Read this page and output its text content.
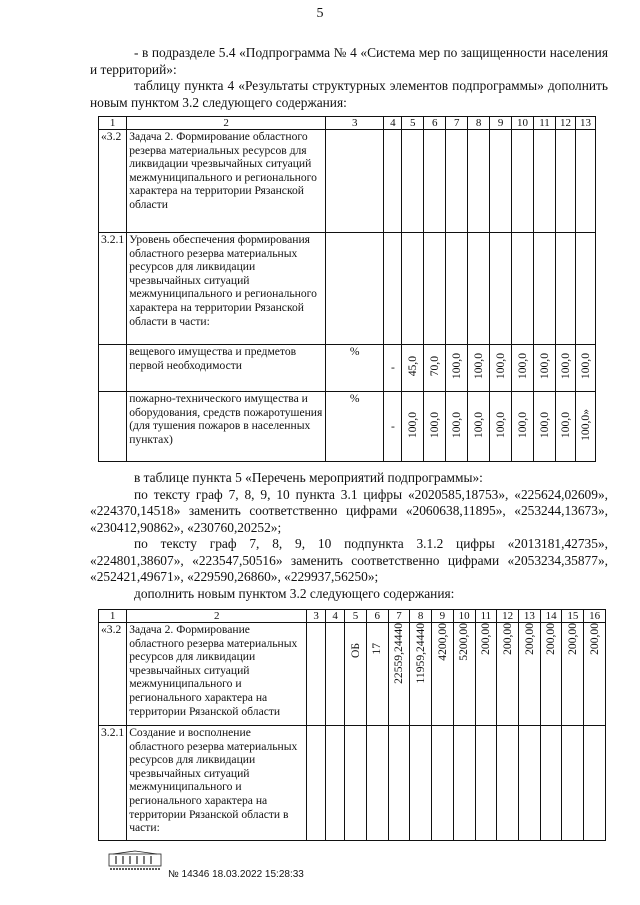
5
- в подразделе 5.4 «Подпрограмма № 4 «Система мер по защищенности населения и территорий»:
таблицу пункта 4 «Результаты структурных элементов подпрограммы» дополнить новым пунктом 3.2 следующего содержания:
1	2	3	4	5	6	7	8	9	10	11	12	13
«3.2	Задача 2. Формирование областного резерва материальных ресурсов для ликвидации чрезвычайных ситуаций межмуниципального и регионального характера на территории Рязанской области											
3.2.1	Уровень обеспечения формирования областного резерва материальных ресурсов для ликвидации чрезвычайных ситуаций межмуниципального и регионального характера на территории Рязанской области в части:											
	вещевого имущества и предметов первой необходимости	%	-	45,0	70,0	100,0	100,0	100,0	100,0	100,0	100,0	100,0
	пожарно-технического имущества и оборудования, средств пожаротушения (для тушения пожаров в населенных пунктах)	%	-	100,0	100,0	100,0	100,0	100,0	100,0	100,0	100,0	100,0»
в таблице пункта 5 «Перечень мероприятий подпрограммы»:
по тексту граф 7, 8, 9, 10 пункта 3.1 цифры «2020585,18753», «225624,02609», «224370,14518» заменить соответственно цифрами «2060638,11895», «253244,13673», «230412,90862», «230760,20252»;
по тексту граф 7, 8, 9, 10 подпункта 3.1.2 цифры «2013181,42735», «224801,38607», «223547,50516» заменить соответственно цифрами «2053234,35877», «252421,49671», «229590,26860», «229937,56250»;
дополнить новым пунктом 3.2 следующего содержания:
1	2	3	4	5	6	7	8	9	10	11	12	13	14	15	16
«3.2	Задача 2. Формирование областного резерва материальных ресурсов для ликвидации чрезвычайных ситуаций межмуниципального и регионального характера на территории Рязанской области			ОБ	17	22559,24440	11959,24440	4200,00	5200,00	200,00	200,00	200,00	200,00	200,00	200,00
3.2.1	Создание и восполнение областного резерва материальных ресурсов для ликвидации чрезвычайных ситуаций межмуниципального и регионального характера на территории Рязанской области в части:														
№ 14346 18.03.2022 15:28:33
